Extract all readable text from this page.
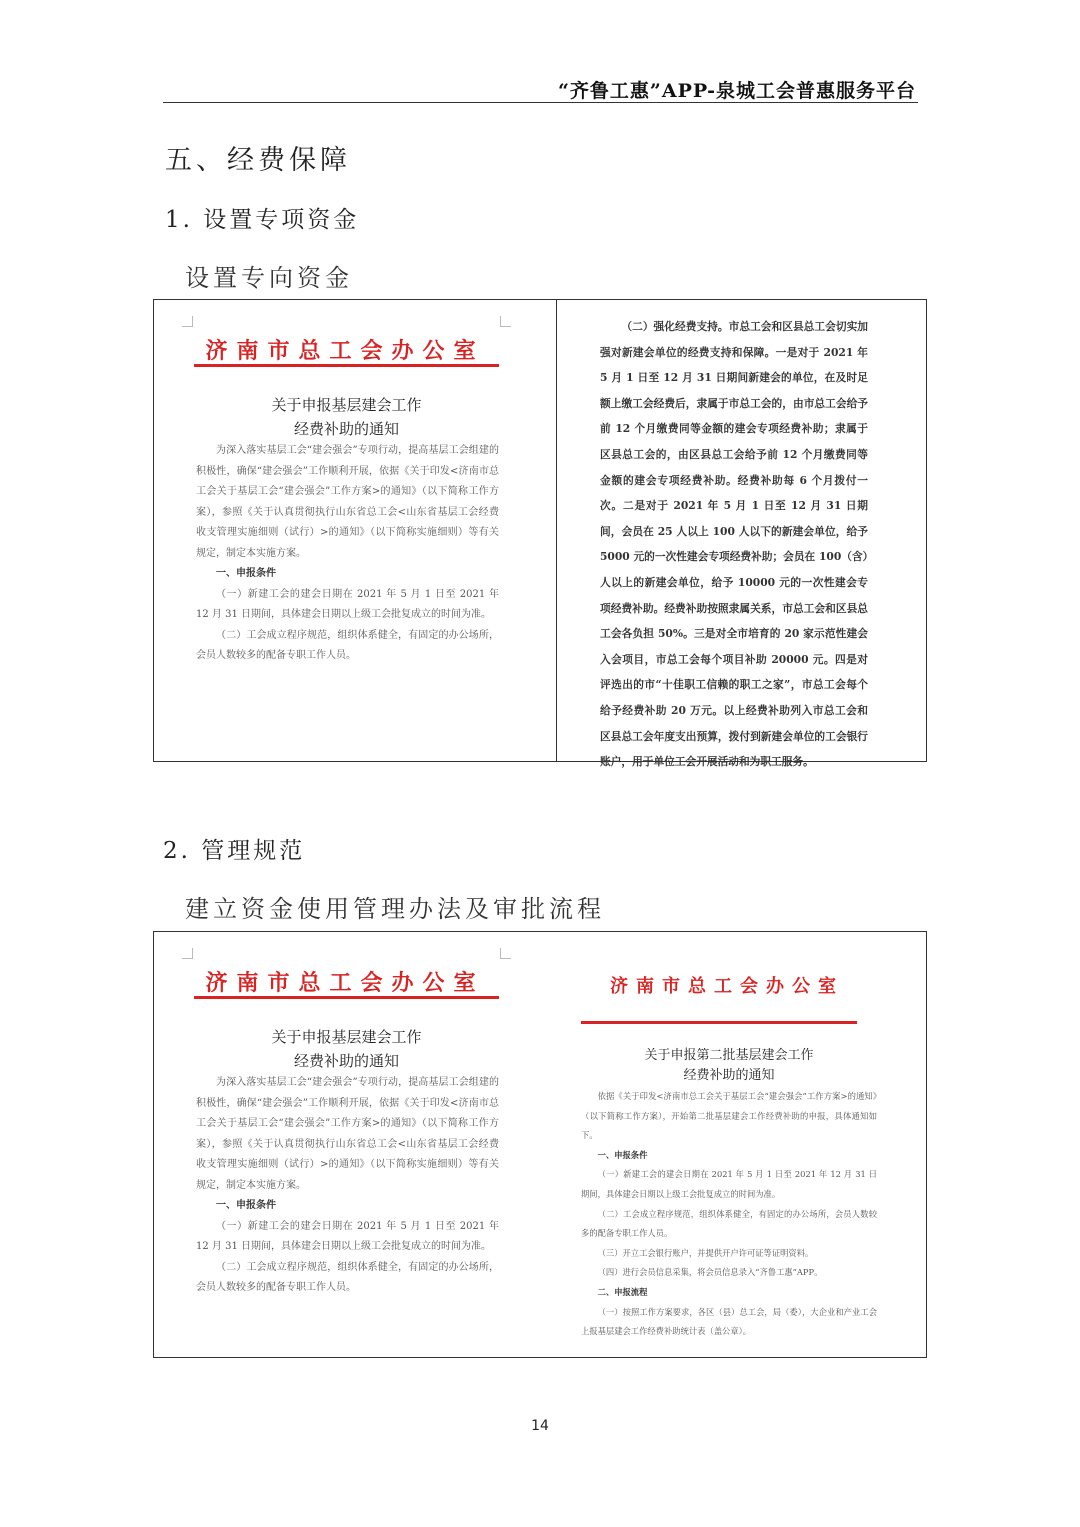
“齐鲁工惠”APP-泉城工会普惠服务平台
五、经费保障
1. 设置专项资金
设置专向资金
济南市总工会办公室
关于申报基层建会工作
经费补助的通知

为深入落实基层工会“建会强会”专项行动，提高基层工会组建的积极性，确保“建会强会”工作顺利开展，依据《关于印发<济南市总工会关于基层工会“建会强会”工作方案>的通知》（以下简称工作方案），参照《关于认真贯彻执行山东省总工会<山东省基层工会经费收支管理实施细则（试行）>的通知》（以下简称实施细则）等有关规定，制定本实施方案。

一、申报条件

（一）新建工会的建会日期在 2021 年 5 月 1 日至 2021 年 12 月 31 日期间，具体建会日期以上级工会批复成立的时间为准。

（二）工会成立程序规范，组织体系健全，有固定的办公场所，会员人数较多的配备专职工作人员。

（二）强化经费支持。市总工会和区县总工会切实加强对新建会单位的经费支持和保障。一是对于 2021 年 5 月 1 日至 12 月 31 日期间新建会的单位，在及时足额上缴工会经费后，隶属于市总工会的，由市总工会给予前 12 个月缴费同等金额的建会专项经费补助；隶属于区县总工会的，由区县总工会给予前 12 个月缴费同等金额的建会专项经费补助。经费补助每 6 个月拨付一次。二是对于 2021 年 5 月 1 日至 12 月 31 日期间，会员在 25 人以上 100 人以下的新建会单位，给予 5000 元的一次性建会专项经费补助；会员在 100（含）人以上的新建会单位，给予 10000 元的一次性建会专项经费补助。经费补助按照隶属关系，市总工会和区县总工会各负担 50%。三是对全市培育的 20 家示范性建会入会项目，市总工会每个项目补助 20000 元。四是对评选出的市“十佳职工信赖的职工之家”，市总工会每个给予经费补助 20 万元。以上经费补助列入市总工会和区县总工会年度支出预算，拨付到新建会单位的工会银行账户，用于单位工会开展活动和为职工服务。

2. 管理规范
建立资金使用管理办法及审批流程
济南市总工会办公室
关于申报基层建会工作
经费补助的通知

为深入落实基层工会“建会强会”专项行动，提高基层工会组建的积极性，确保“建会强会”工作顺利开展，依据《关于印发<济南市总工会关于基层工会“建会强会”工作方案>的通知》（以下简称工作方案），参照《关于认真贯彻执行山东省总工会<山东省基层工会经费收支管理实施细则（试行）>的通知》（以下简称实施细则）等有关规定，制定本实施方案。

一、申报条件

（一）新建工会的建会日期在 2021 年 5 月 1 日至 2021 年 12 月 31 日期间，具体建会日期以上级工会批复成立的时间为准。

（二）工会成立程序规范，组织体系健全，有固定的办公场所，会员人数较多的配备专职工作人员。

济南市总工会办公室
关于申报第二批基层建会工作
经费补助的通知

依据《关于印发<济南市总工会关于基层工会“建会强会”工作方案>的通知》（以下简称工作方案），开始第二批基层建会工作经费补助的申报，具体通知如下。

一、申报条件

（一）新建工会的建会日期在 2021 年 5 月 1 日至 2021 年 12 月 31 日期间，具体建会日期以上级工会批复成立的时间为准。

（二）工会成立程序规范，组织体系健全，有固定的办公场所，会员人数较多的配备专职工作人员。

（三）开立工会银行账户，并提供开户许可证等证明资料。

（四）进行会员信息采集，将会员信息录入“齐鲁工惠”APP。

二、申报流程

（一）按照工作方案要求，各区（县）总工会，局（委），大企业和产业工会上报基层建会工作经费补助统计表（盖公章）。

14
